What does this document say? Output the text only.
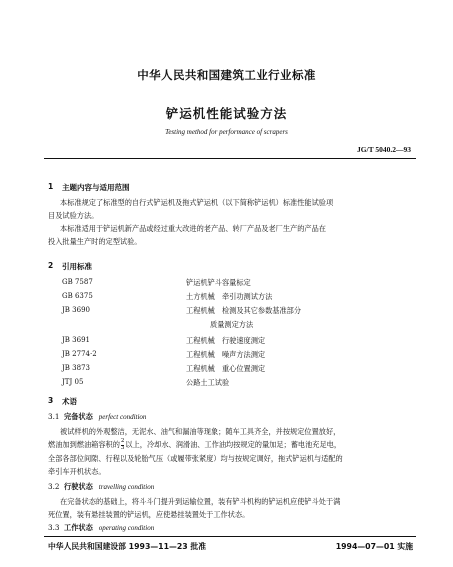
中华人民共和国建筑工业行业标准
铲运机性能试验方法
Testing method for performance of scrapers
JG/T 5040.2—93
1 主题内容与适用范围
本标准规定了标准型的自行式铲运机及拖式铲运机（以下简称铲运机）标准性能试验项
目及试验方法。
本标准适用于铲运机新产品或经过重大改进的老产品、转厂产品及老厂生产的产品在
投入批量生产时的定型试验。
2 引用标准
GB 7587	铲运机铲斗容量标定
GB 6375	土方机械　牵引功测试方法
JB 3690	工程机械　检测及其它参数基准部分
质量测定方法
JB 3691	工程机械　行驶速度测定
JB 2774·2	工程机械　噪声方法测定
JB 3873	工程机械　重心位置测定
JTJ 05	公路土工试验
3 术语
3.1 完备状态 perfect condition
被试样机的外观整洁，无泥水、油气和漏油等现象；随车工具齐全，并按规定位置放好，
燃油加到燃油箱容积的 $\frac{2}{3}$ 以上，冷却水、润滑油、工作油均按规定的量加足；蓄电池充足电，
全部各部位间隙、行程以及轮胎气压（或履带张紧度）均与按规定调好，拖式铲运机与适配的
牵引车开机状态。
3.2 行驶状态 travelling condition
在完备状态的基础上，将斗斗门提升到运输位置，装有铲斗机构的铲运机应使铲斗处于满
死位置，装有悬挂装置的铲运机，应使悬挂装置处于工作状态。
3.3 工作状态 operating condition
中华人民共和国建设部 1993—11—23 批准	1994—07—01 实施
